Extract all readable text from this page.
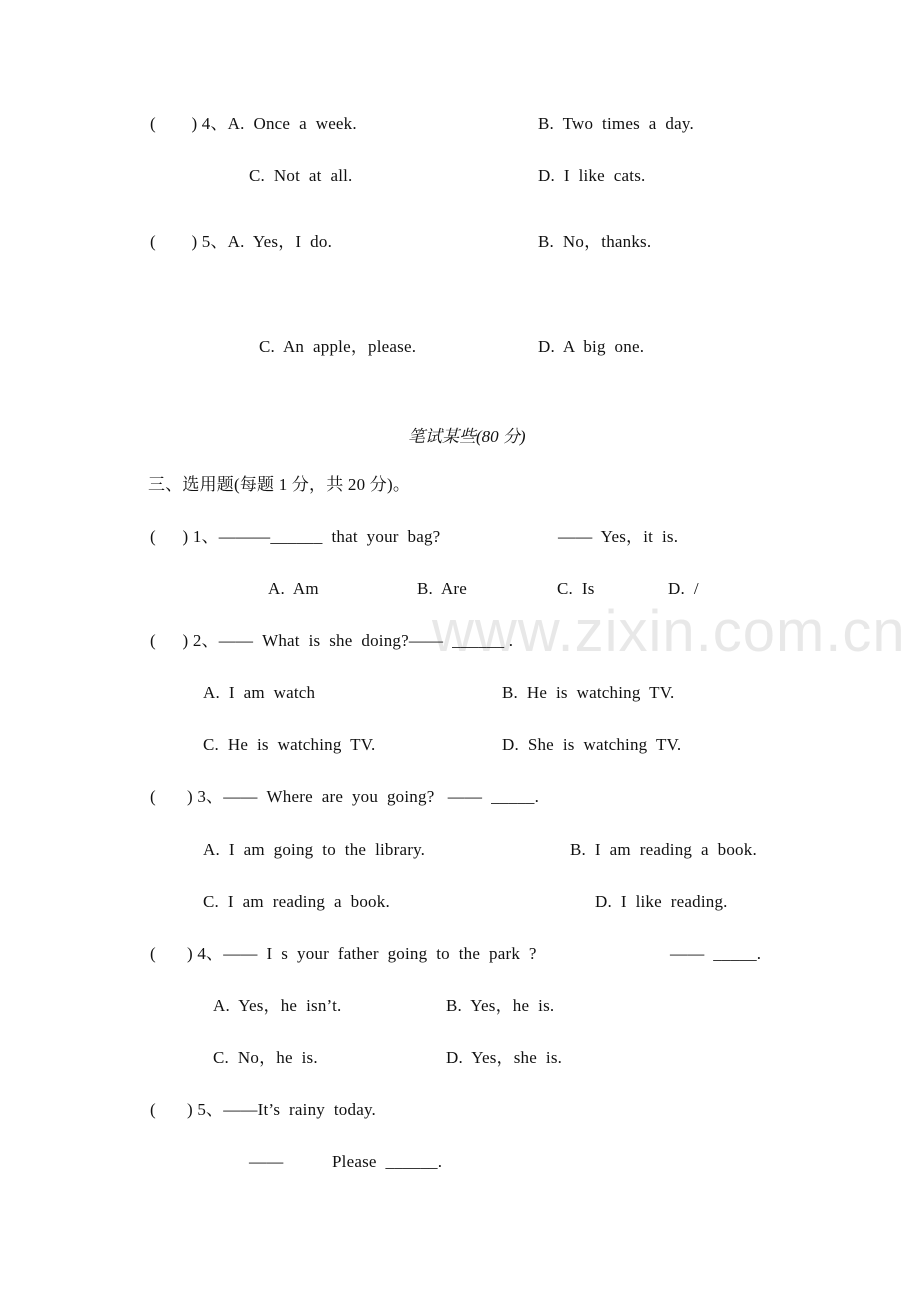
www.zixin.com.cn
(        ) 4、A.  Once  a  week.	B.  Two  times  a  day.
C.  Not  at  all.	D.  I  like  cats.
(        ) 5、A.  Yes，I  do.	B.  No，thanks.
C.  An  apple，please.	D.  A  big  one.
笔试某些(80 分)
三、选用题(每题 1 分，共 20 分)。
(      ) 1、———______  that  your  bag?	——  Yes，it  is.
A.  Am	B.  Are	C.  Is	D.  /
(      ) 2、——  What  is  she  doing?——  ______ .
A.  I  am  watch	B.  He  is  watching  TV.
C.  He  is  watching  TV.	D.  She  is  watching  TV.
(       ) 3、——  Where  are  you  going?   ——  _____.
A.  I  am  going  to  the  library.	B.  I  am  reading  a  book.
C.  I  am  reading  a  book.	D.  I  like  reading.
(       ) 4、——  I  s  your  father  going  to  the  park  ?	——  _____.
A.  Yes，he  isn’t.	B.  Yes，he  is.
C.  No，he  is.	D.  Yes，she  is.
(       ) 5、——It’s  rainy  today.
——	Please  ______.
